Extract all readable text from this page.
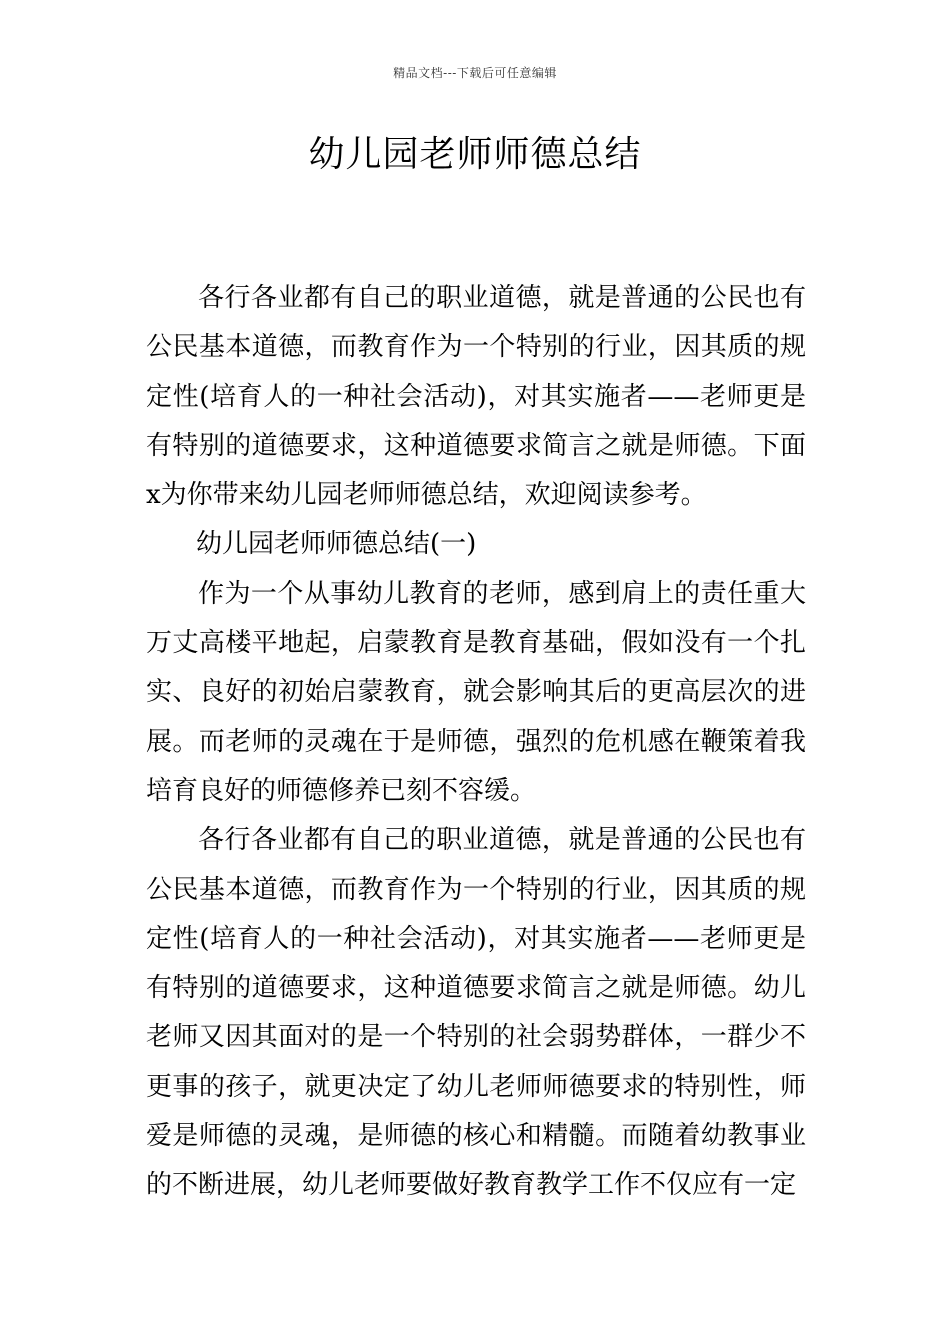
精品文档---下载后可任意编辑
幼儿园老师师德总结

各行各业都有自己的职业道德，就是普通的公民也有公民基本道德，而教育作为一个特别的行业，因其质的规定性(培育人的一种社会活动)，对其实施者——老师更是有特别的道德要求，这种道德要求简言之就是师德。下面x为你带来幼儿园老师师德总结，欢迎阅读参考。

幼儿园老师师德总结(一)

作为一个从事幼儿教育的老师，感到肩上的责任重大万丈高楼平地起，启蒙教育是教育基础，假如没有一个扎实、良好的初始启蒙教育，就会影响其后的更高层次的进展。而老师的灵魂在于是师德，强烈的危机感在鞭策着我培育良好的师德修养已刻不容缓。

各行各业都有自己的职业道德，就是普通的公民也有公民基本道德，而教育作为一个特别的行业，因其质的规定性(培育人的一种社会活动)，对其实施者——老师更是有特别的道德要求，这种道德要求简言之就是师德。幼儿老师又因其面对的是一个特别的社会弱势群体，一群少不更事的孩子，就更决定了幼儿老师师德要求的特别性，师爱是师德的灵魂，是师德的核心和精髓。而随着幼教事业的不断进展，幼儿老师要做好教育教学工作不仅应有一定
